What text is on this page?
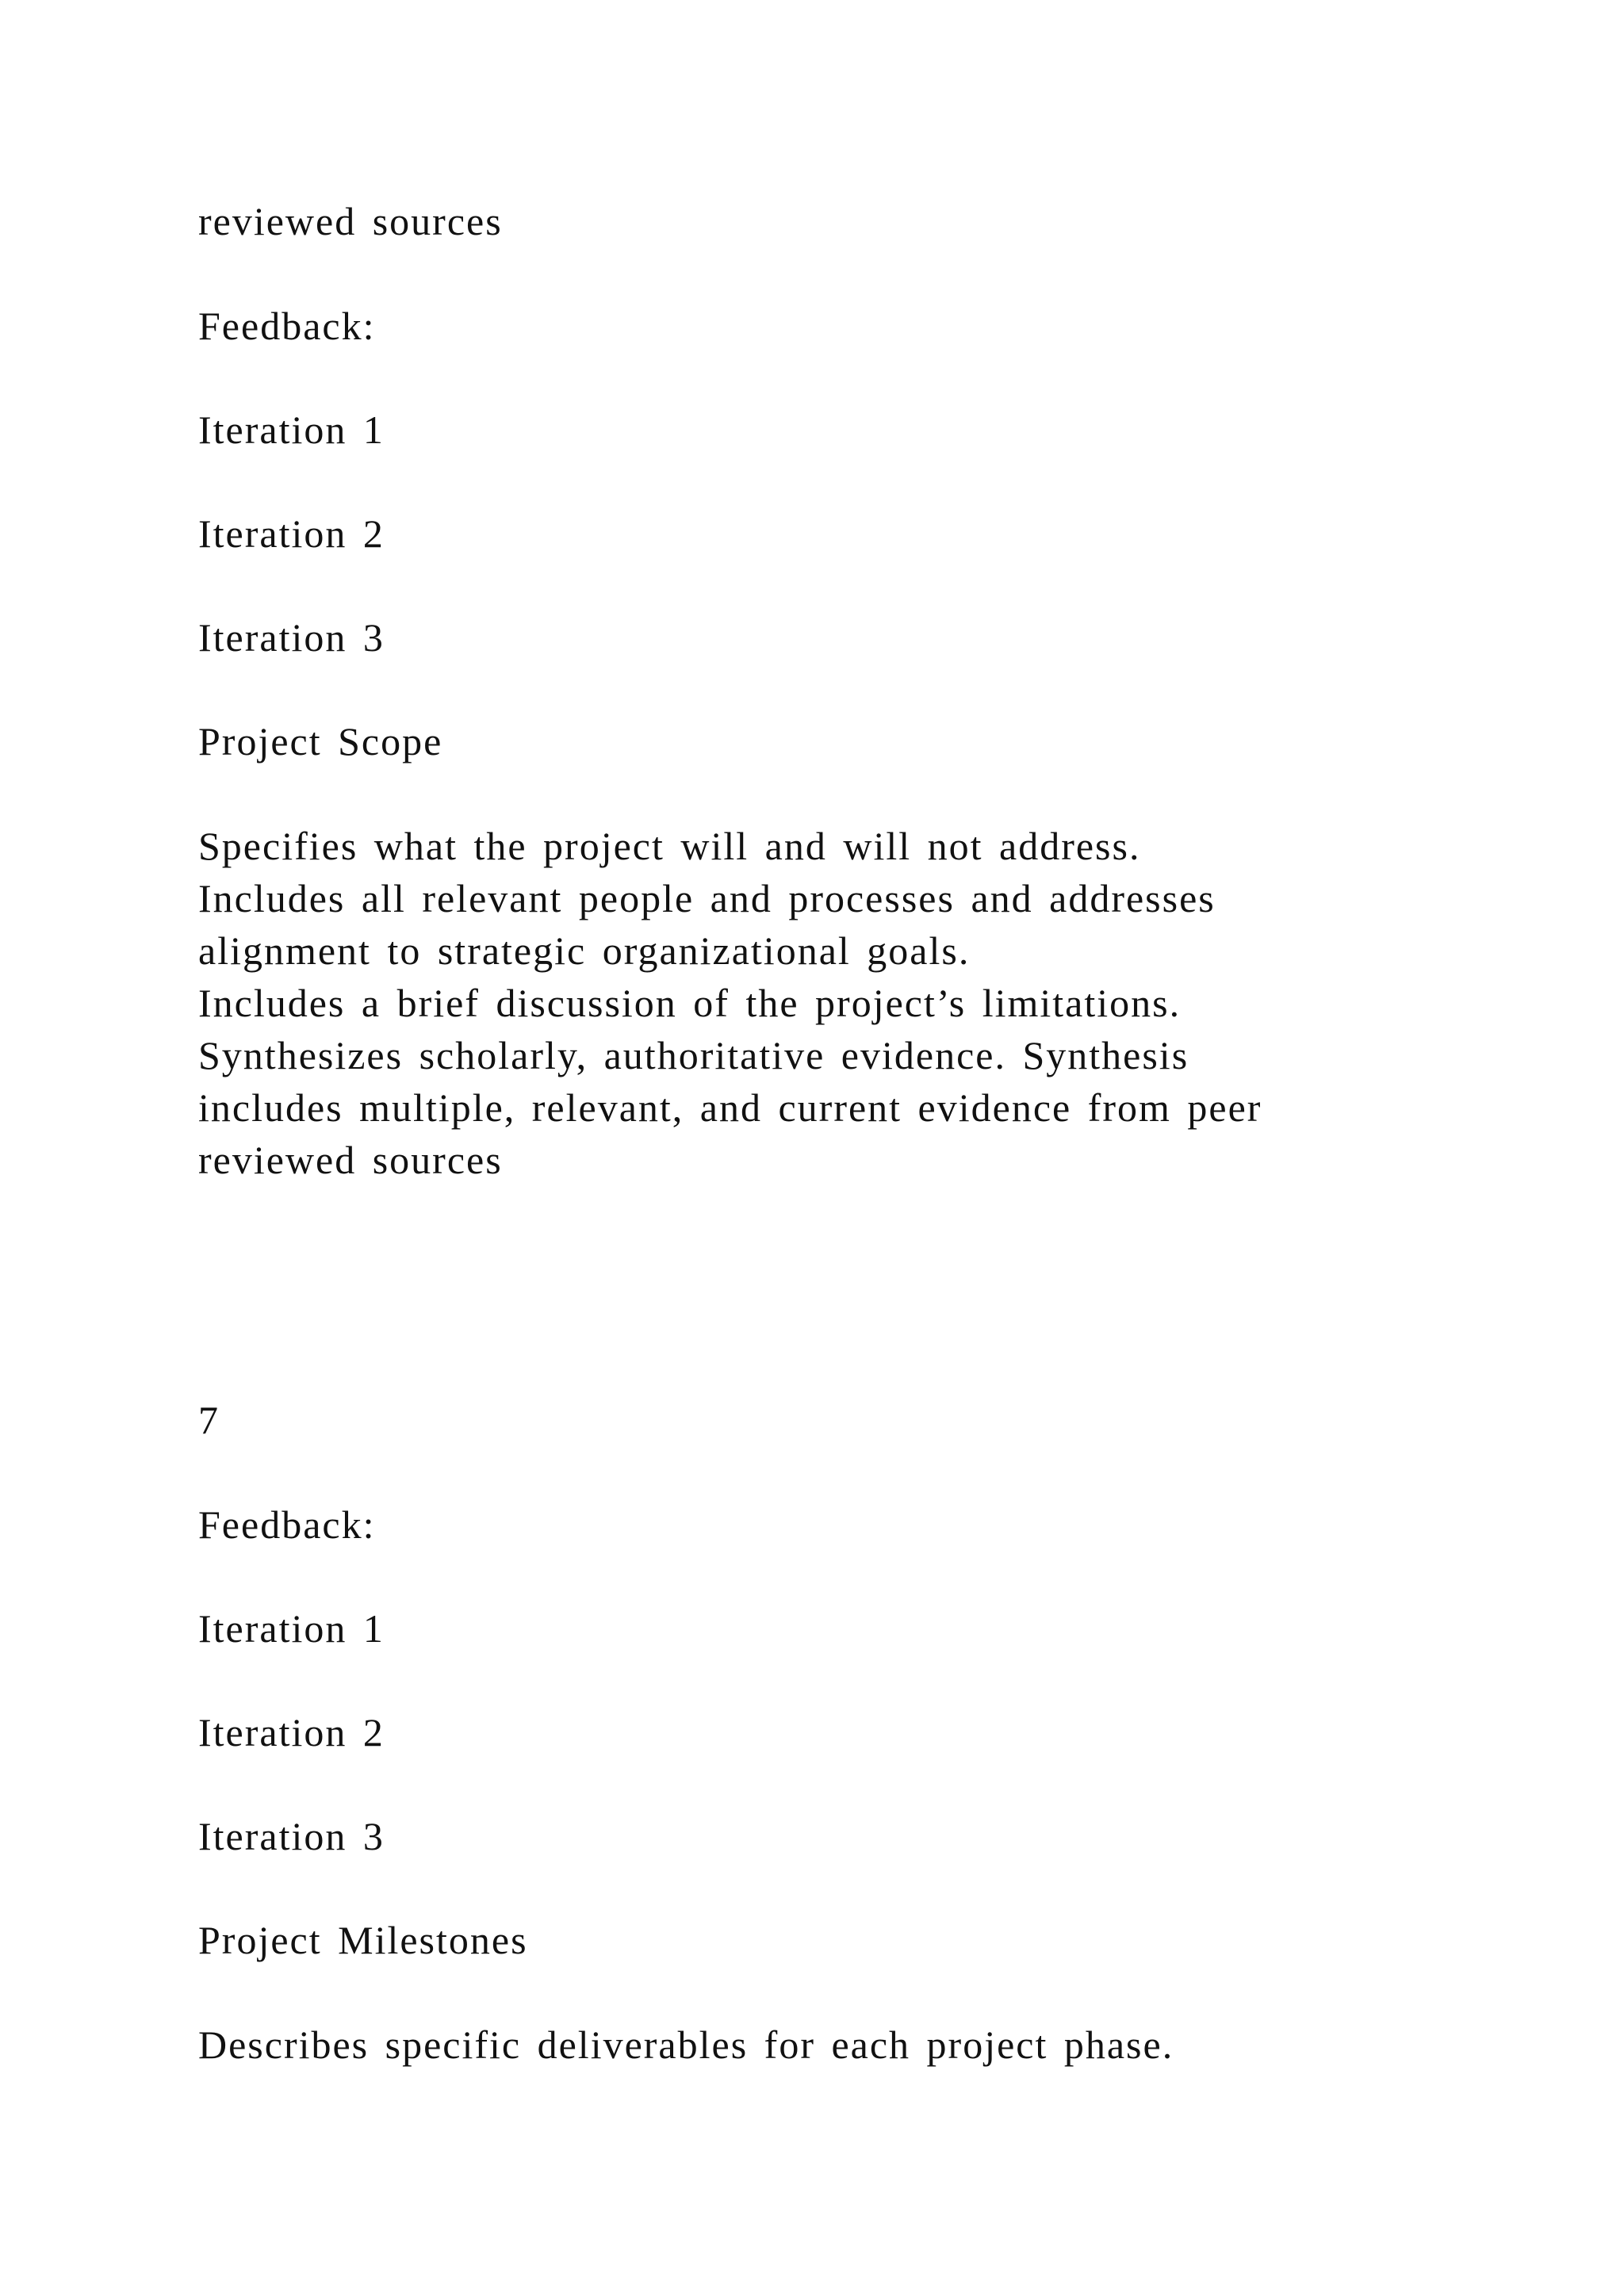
reviewed sources

Feedback:

Iteration 1

Iteration 2

Iteration 3

Project Scope

Specifies what the project will and will not address.
Includes all relevant people and processes and addresses
alignment to strategic organizational goals.
Includes a brief discussion of the project’s limitations.
Synthesizes scholarly, authoritative evidence. Synthesis
includes multiple, relevant, and current evidence from peer
reviewed sources

7

Feedback:

Iteration 1

Iteration 2

Iteration 3

Project Milestones

Describes specific deliverables for each project phase.
